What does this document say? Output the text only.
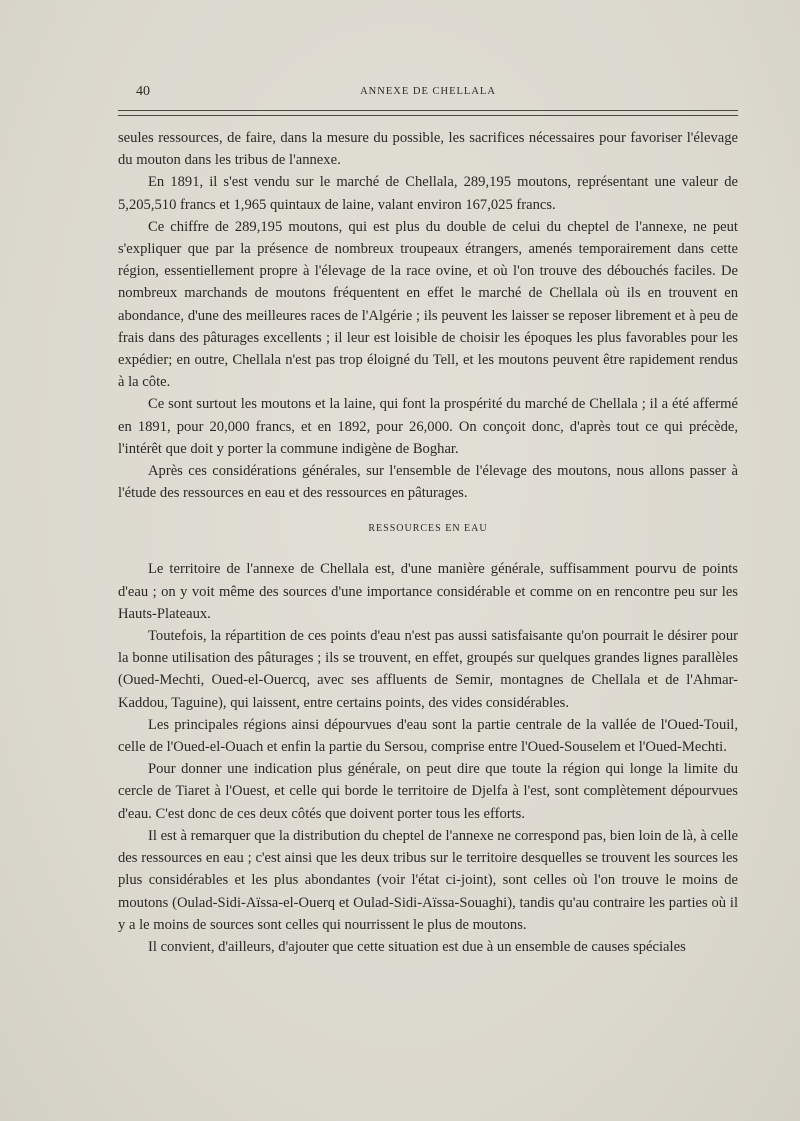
40	ANNEXE DE CHELLALA

seules ressources, de faire, dans la mesure du possible, les sacrifices nécessaires pour favoriser l'élevage du mouton dans les tribus de l'annexe.

En 1891, il s'est vendu sur le marché de Chellala, 289,195 moutons, représentant une valeur de 5,205,510 francs et 1,965 quintaux de laine, valant environ 167,025 francs.

Ce chiffre de 289,195 moutons, qui est plus du double de celui du cheptel de l'annexe, ne peut s'expliquer que par la présence de nombreux troupeaux étrangers, amenés temporairement dans cette région, essentiellement propre à l'élevage de la race ovine, et où l'on trouve des débouchés faciles. De nombreux marchands de moutons fréquentent en effet le marché de Chellala où ils en trouvent en abondance, d'une des meilleures races de l'Algérie ; ils peuvent les laisser se reposer librement et à peu de frais dans des pâturages excellents ; il leur est loisible de choisir les époques les plus favorables pour les expédier; en outre, Chellala n'est pas trop éloigné du Tell, et les moutons peuvent être rapidement rendus à la côte.

Ce sont surtout les moutons et la laine, qui font la prospérité du marché de Chellala ; il a été affermé en 1891, pour 20,000 francs, et en 1892, pour 26,000. On conçoit donc, d'après tout ce qui précède, l'intérêt que doit y porter la commune indigène de Boghar.

Après ces considérations générales, sur l'ensemble de l'élevage des moutons, nous allons passer à l'étude des ressources en eau et des ressources en pâturages.

RESSOURCES EN EAU

Le territoire de l'annexe de Chellala est, d'une manière générale, suffisamment pourvu de points d'eau ; on y voit même des sources d'une importance considérable et comme on en rencontre peu sur les Hauts-Plateaux.

Toutefois, la répartition de ces points d'eau n'est pas aussi satisfaisante qu'on pourrait le désirer pour la bonne utilisation des pâturages ; ils se trouvent, en effet, groupés sur quelques grandes lignes parallèles (Oued-Mechti, Oued-el-Ouercq, avec ses affluents de Semir, montagnes de Chellala et de l'Ahmar-Kaddou, Taguine), qui laissent, entre certains points, des vides considérables.

Les principales régions ainsi dépourvues d'eau sont la partie centrale de la vallée de l'Oued-Touil, celle de l'Oued-el-Ouach et enfin la partie du Sersou, comprise entre l'Oued-Souselem et l'Oued-Mechti.

Pour donner une indication plus générale, on peut dire que toute la région qui longe la limite du cercle de Tiaret à l'Ouest, et celle qui borde le territoire de Djelfa à l'est, sont complètement dépourvues d'eau. C'est donc de ces deux côtés que doivent porter tous les efforts.

Il est à remarquer que la distribution du cheptel de l'annexe ne correspond pas, bien loin de là, à celle des ressources en eau ; c'est ainsi que les deux tribus sur le territoire desquelles se trouvent les sources les plus considérables et les plus abondantes (voir l'état ci-joint), sont celles où l'on trouve le moins de moutons (Oulad-Sidi-Aïssa-el-Ouerq et Oulad-Sidi-Aïssa-Souaghi), tandis qu'au contraire les parties où il y a le moins de sources sont celles qui nourrissent le plus de moutons.

Il convient, d'ailleurs, d'ajouter que cette situation est due à un ensemble de causes spéciales
